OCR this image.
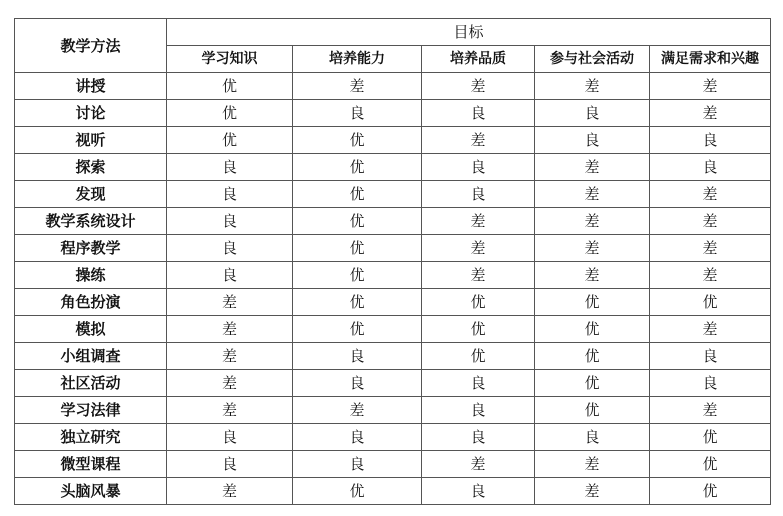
教学方法	目标				
	学习知识	培养能力	培养品质	参与社会活动	满足需求和兴趣
讲授	优	差	差	差	差
讨论	优	良	良	良	差
视听	优	优	差	良	良
探索	良	优	良	差	良
发现	良	优	良	差	差
教学系统设计	良	优	差	差	差
程序教学	良	优	差	差	差
操练	良	优	差	差	差
角色扮演	差	优	优	优	优
模拟	差	优	优	优	差
小组调查	差	良	优	优	良
社区活动	差	良	良	优	良
学习法律	差	差	良	优	差
独立研究	良	良	良	良	优
微型课程	良	良	差	差	优
头脑风暴	差	优	良	差	优
